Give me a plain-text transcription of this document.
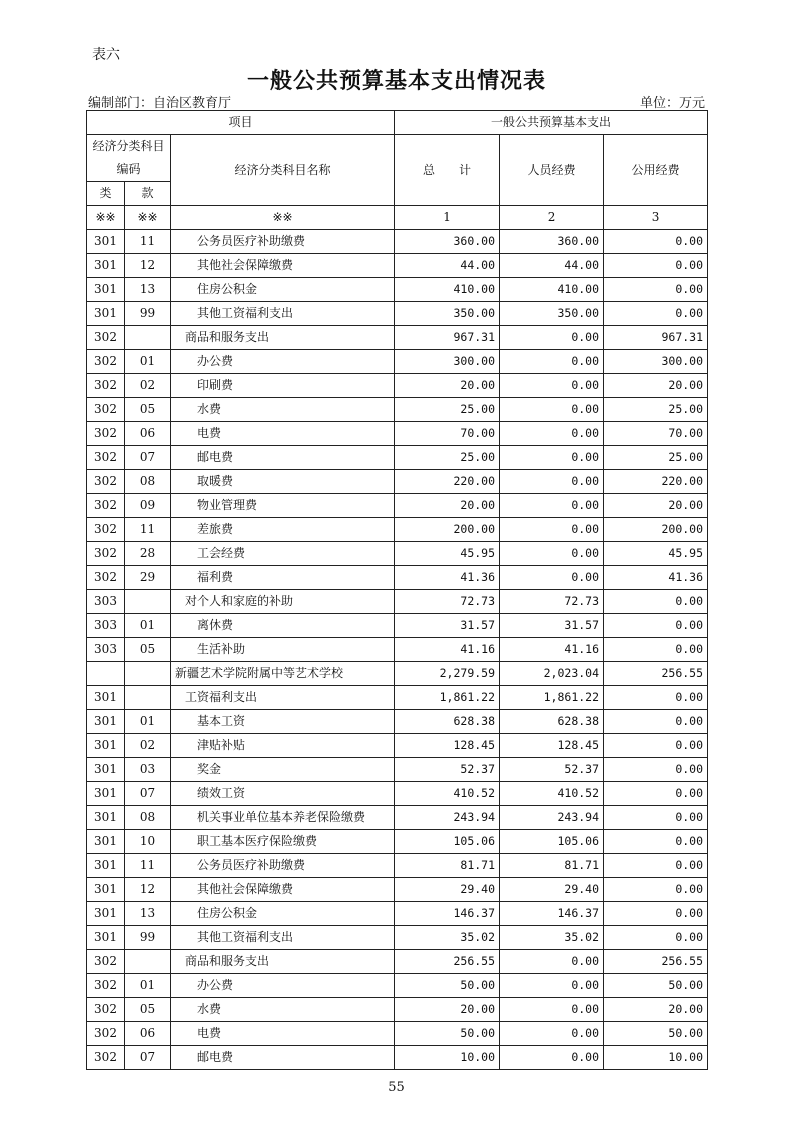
表六
一般公共预算基本支出情况表
编制部门：自治区教育厅	单位：万元
项目			一般公共预算基本支出		
经济分类科目编码		经济分类科目名称	总　　计	人员经费	公用经费
类	款				
※※	※※	※※	1	2	3
301	11	公务员医疗补助缴费	360.00	360.00	0.00
301	12	其他社会保障缴费	44.00	44.00	0.00
301	13	住房公积金	410.00	410.00	0.00
301	99	其他工资福利支出	350.00	350.00	0.00
302		商品和服务支出	967.31	0.00	967.31
302	01	办公费	300.00	0.00	300.00
302	02	印刷费	20.00	0.00	20.00
302	05	水费	25.00	0.00	25.00
302	06	电费	70.00	0.00	70.00
302	07	邮电费	25.00	0.00	25.00
302	08	取暖费	220.00	0.00	220.00
302	09	物业管理费	20.00	0.00	20.00
302	11	差旅费	200.00	0.00	200.00
302	28	工会经费	45.95	0.00	45.95
302	29	福利费	41.36	0.00	41.36
303		对个人和家庭的补助	72.73	72.73	0.00
303	01	离休费	31.57	31.57	0.00
303	05	生活补助	41.16	41.16	0.00
		新疆艺术学院附属中等艺术学校	2,279.59	2,023.04	256.55
301		工资福利支出	1,861.22	1,861.22	0.00
301	01	基本工资	628.38	628.38	0.00
301	02	津贴补贴	128.45	128.45	0.00
301	03	奖金	52.37	52.37	0.00
301	07	绩效工资	410.52	410.52	0.00
301	08	机关事业单位基本养老保险缴费	243.94	243.94	0.00
301	10	职工基本医疗保险缴费	105.06	105.06	0.00
301	11	公务员医疗补助缴费	81.71	81.71	0.00
301	12	其他社会保障缴费	29.40	29.40	0.00
301	13	住房公积金	146.37	146.37	0.00
301	99	其他工资福利支出	35.02	35.02	0.00
302		商品和服务支出	256.55	0.00	256.55
302	01	办公费	50.00	0.00	50.00
302	05	水费	20.00	0.00	20.00
302	06	电费	50.00	0.00	50.00
302	07	邮电费	10.00	0.00	10.00
55
